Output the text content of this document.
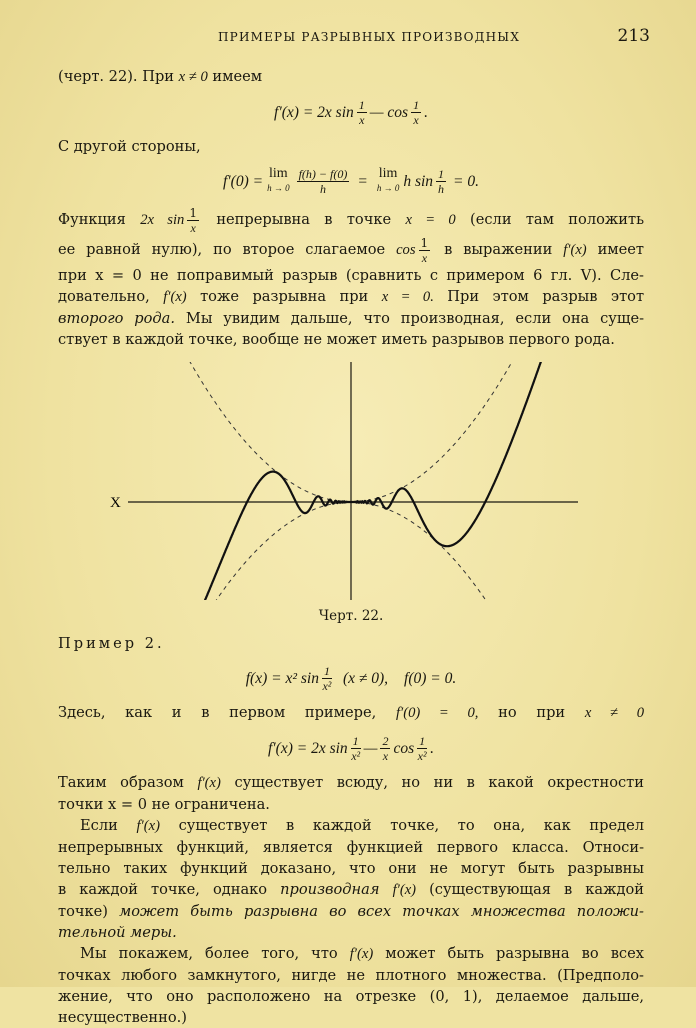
ПРИМЕРЫ РАЗРЫВНЫХ ПРОИЗВОДНЫХ	213
(черт. 22). При x ≠ 0 имеем
f′(x) = 2x $\sin \frac{1}{x}$ — $\cos \frac{1}{x}$ .
С другой стороны,
f′(0) = lim
$h \to 0 \frac{f(h) - f(0)}{h} = \lim$
h → 0 h $\sin \frac{1}{h} = 0$.
Функция 2x $\sin \frac{1}{x}$ непрерывна в точке x = 0 (если там положить
ее равной нулю), по второе слагаемое $\cos \frac{1}{x}$ в выражении f′(x) имеет
при x = 0 не поправимый разрыв (сравнить с примером 6 гл. V). Сле-
довательно, f′(x) тоже разрывна при x = 0. При этом разрыв этот
второго рода. Мы увидим дальше, что производная, если она суще-
ствует в каждой точке, вообще не может иметь разрывов первого рода.
X
Черт. 22.
Пример 2.
f(x) = x² $\sin \frac{1}{\text{x²}} (x \ne 0)$, f(0) = 0.
Здесь, как и в первом примере, f′(0) = 0, но при x ≠ 0
f′(x) = 2x $\sin \frac{1}{\text{x²}}$ — $\frac{2}{x}$ $\cos \frac{1}{\text{x²}}$ .
Таким образом f′(x) существует всюду, но ни в какой окрестности
точки x = 0 не ограничена.
Если f′(x) существует в каждой точке, то она, как предел
непрерывных функций, является функцией первого класса. Относи-
тельно таких функций доказано, что они не могут быть разрывны
в каждой точке, однако производная f′(x) (существующая в каждой
точке) может быть разрывна во всех точках множества положи-
тельной меры.
Мы покажем, более того, что f′(x) может быть разрывна во всех
точках любого замкнутого, нигде не плотного множества. (Предполо-
жение, что оно расположено на отрезке (0, 1), делаемое дальше,
несущественно.)
